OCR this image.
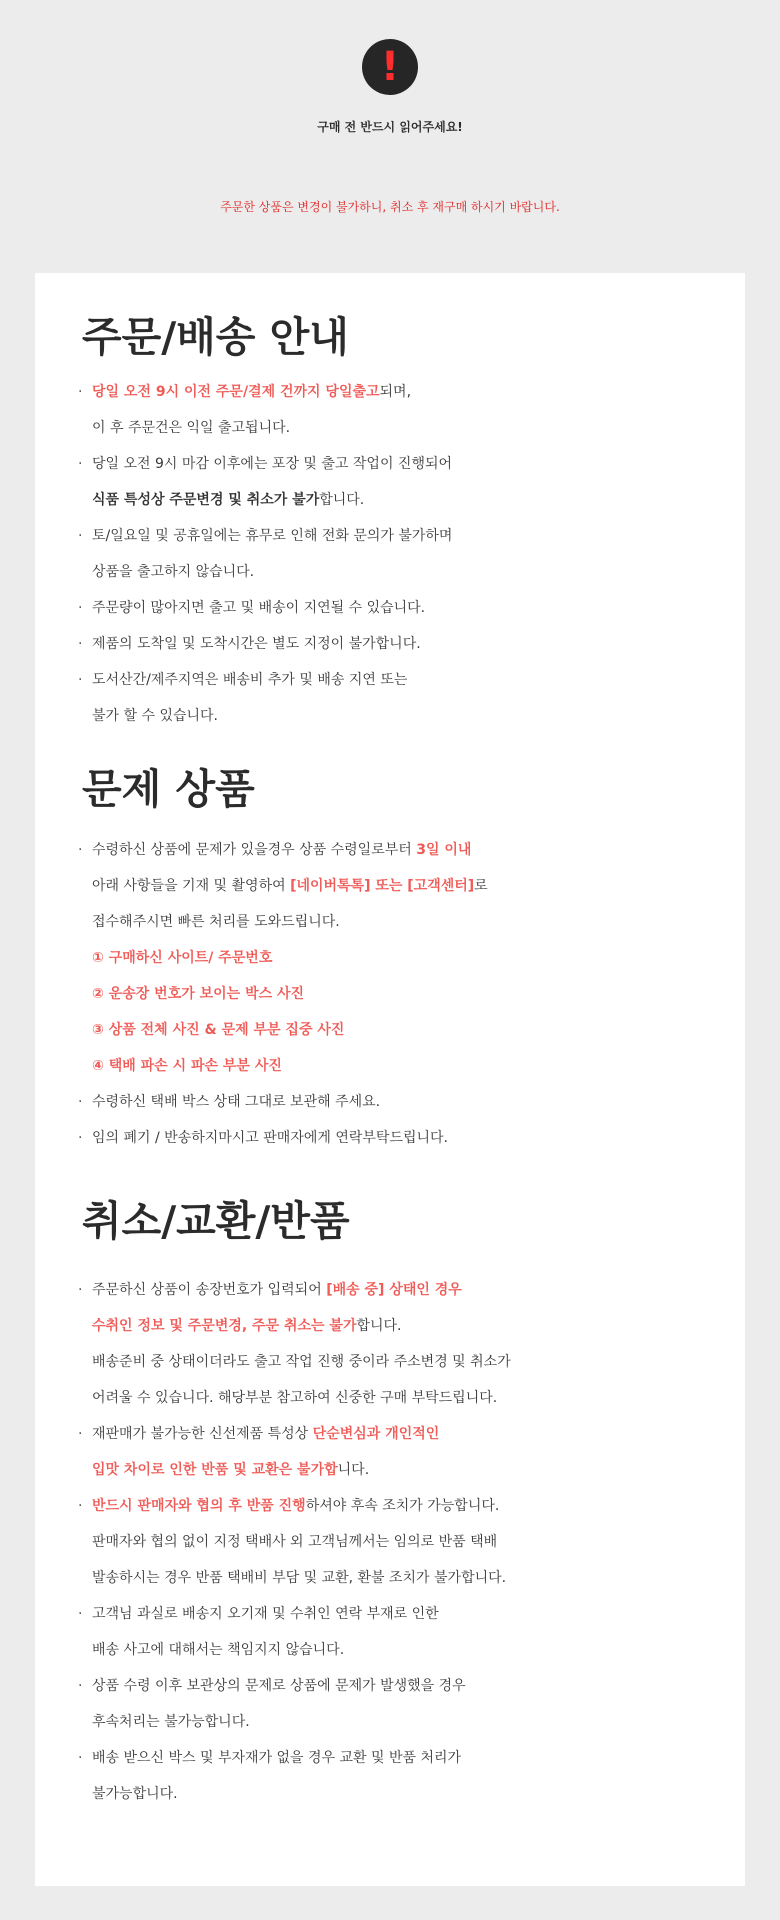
!
구매 전 반드시 읽어주세요!
주문한 상품은 변경이 불가하니, 취소 후 재구매 하시기 바랍니다.
주문/배송 안내
· 당일 오전 9시 이전 주문/결제 건까지 당일출고되며,
이 후 주문건은 익일 출고됩니다.
· 당일 오전 9시 마감 이후에는 포장 및 출고 작업이 진행되어
식품 특성상 주문변경 및 취소가 불가합니다.
· 토/일요일 및 공휴일에는 휴무로 인해 전화 문의가 불가하며
상품을 출고하지 않습니다.
· 주문량이 많아지면 출고 및 배송이 지연될 수 있습니다.
· 제품의 도착일 및 도착시간은 별도 지정이 불가합니다.
· 도서산간/제주지역은 배송비 추가 및 배송 지연 또는
불가 할 수 있습니다.
문제 상품
· 수령하신 상품에 문제가 있을경우 상품 수령일로부터 3일 이내
아래 사항들을 기재 및 촬영하여 [네이버톡톡] 또는 [고객센터]로
접수해주시면 빠른 처리를 도와드립니다.
① 구매하신 사이트/ 주문번호
② 운송장 번호가 보이는 박스 사진
③ 상품 전체 사진 & 문제 부분 집중 사진
④ 택배 파손 시 파손 부분 사진
· 수령하신 택배 박스 상태 그대로 보관해 주세요.
· 임의 폐기 / 반송하지마시고 판매자에게 연락부탁드립니다.
취소/교환/반품
· 주문하신 상품이 송장번호가 입력되어 [배송 중] 상태인 경우
수취인 정보 및 주문변경, 주문 취소는 불가합니다.
배송준비 중 상태이더라도 출고 작업 진행 중이라 주소변경 및 취소가
어려울 수 있습니다. 해당부분 참고하여 신중한 구매 부탁드립니다.
· 재판매가 불가능한 신선제품 특성상 단순변심과 개인적인
입맛 차이로 인한 반품 및 교환은 불가합니다.
· 반드시 판매자와 협의 후 반품 진행하셔야 후속 조치가 가능합니다.
판매자와 협의 없이 지정 택배사 외 고객님께서는 임의로 반품 택배
발송하시는 경우 반품 택배비 부담 및 교환, 환불 조치가 불가합니다.
· 고객님 과실로 배송지 오기재 및 수취인 연락 부재로 인한
배송 사고에 대해서는 책임지지 않습니다.
· 상품 수령 이후 보관상의 문제로 상품에 문제가 발생했을 경우
후속처리는 불가능합니다.
· 배송 받으신 박스 및 부자재가 없을 경우 교환 및 반품 처리가
불가능합니다.
